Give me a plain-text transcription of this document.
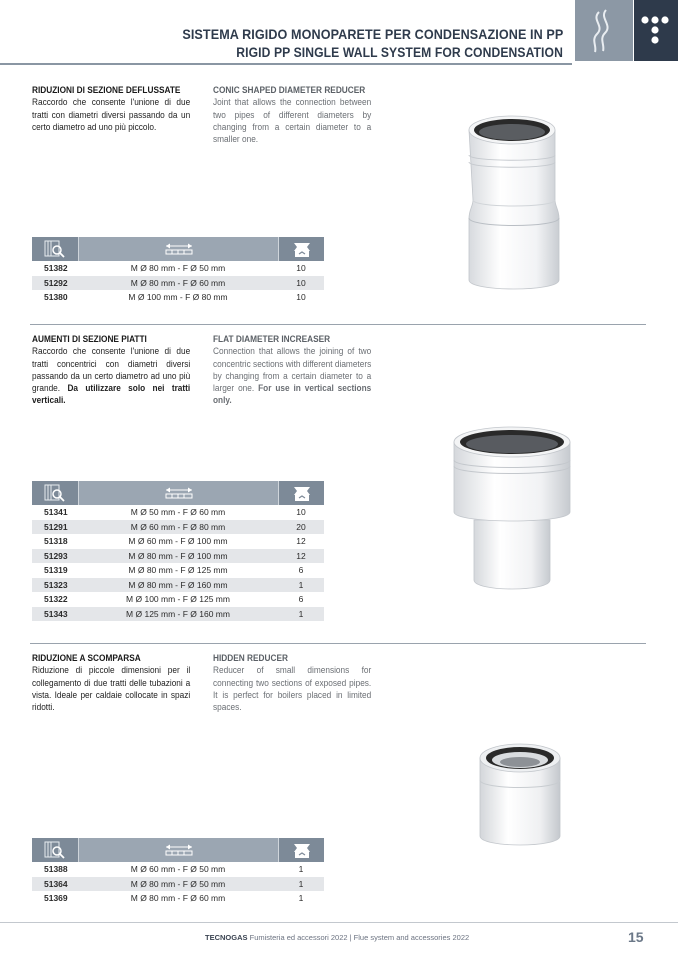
SISTEMA RIGIDO MONOPARETE PER CONDENSAZIONE IN PP
RIGID PP SINGLE WALL SYSTEM FOR CONDENSATION
RIDUZIONI DI SEZIONE DEFLUSSATE
Raccordo che consente l'unione di due tratti con diametri diversi passando da un certo diametro ad uno più piccolo.
CONIC SHAPED DIAMETER REDUCER
Joint that allows the connection between two pipes of different diameters by changing from a certain diameter to a smaller one.
51382	M Ø 80 mm - F Ø 50 mm	10
51292	M Ø 80 mm - F Ø 60 mm	10
51380	M Ø 100 mm - F Ø 80 mm	10
AUMENTI DI SEZIONE PIATTI
Raccordo che consente l'unione di due tratti concentrici con diametri diversi passando da un certo diametro ad uno più grande. Da utilizzare solo nei tratti verticali.
FLAT DIAMETER INCREASER
Connection that allows the joining of two concentric sections with different diameters by changing from a certain diameter to a larger one. For use in vertical sections only.
51341	M Ø 50 mm - F Ø 60 mm	10
51291	M Ø 60 mm - F Ø 80 mm	20
51318	M Ø 60 mm - F Ø 100 mm	12
51293	M Ø 80 mm - F Ø 100 mm	12
51319	M Ø 80 mm - F Ø 125 mm	6
51323	M Ø 80 mm - F Ø 160 mm	1
51322	M Ø 100 mm - F Ø 125 mm	6
51343	M Ø 125 mm - F Ø 160 mm	1
RIDUZIONE A SCOMPARSA
Riduzione di piccole dimensioni per il collegamento di due tratti delle tubazioni a vista. Ideale per caldaie collocate in spazi ridotti.
HIDDEN REDUCER
Reducer of small dimensions for connecting two sections of exposed pipes. It is perfect for boilers placed in limited spaces.
51388	M Ø 60 mm - F Ø 50 mm	1
51364	M Ø 80 mm - F Ø 50 mm	1
51369	M Ø 80 mm - F Ø 60 mm	1
TECNOGAS Fumisteria ed accessori 2022 | Flue system and accessories 2022	15
